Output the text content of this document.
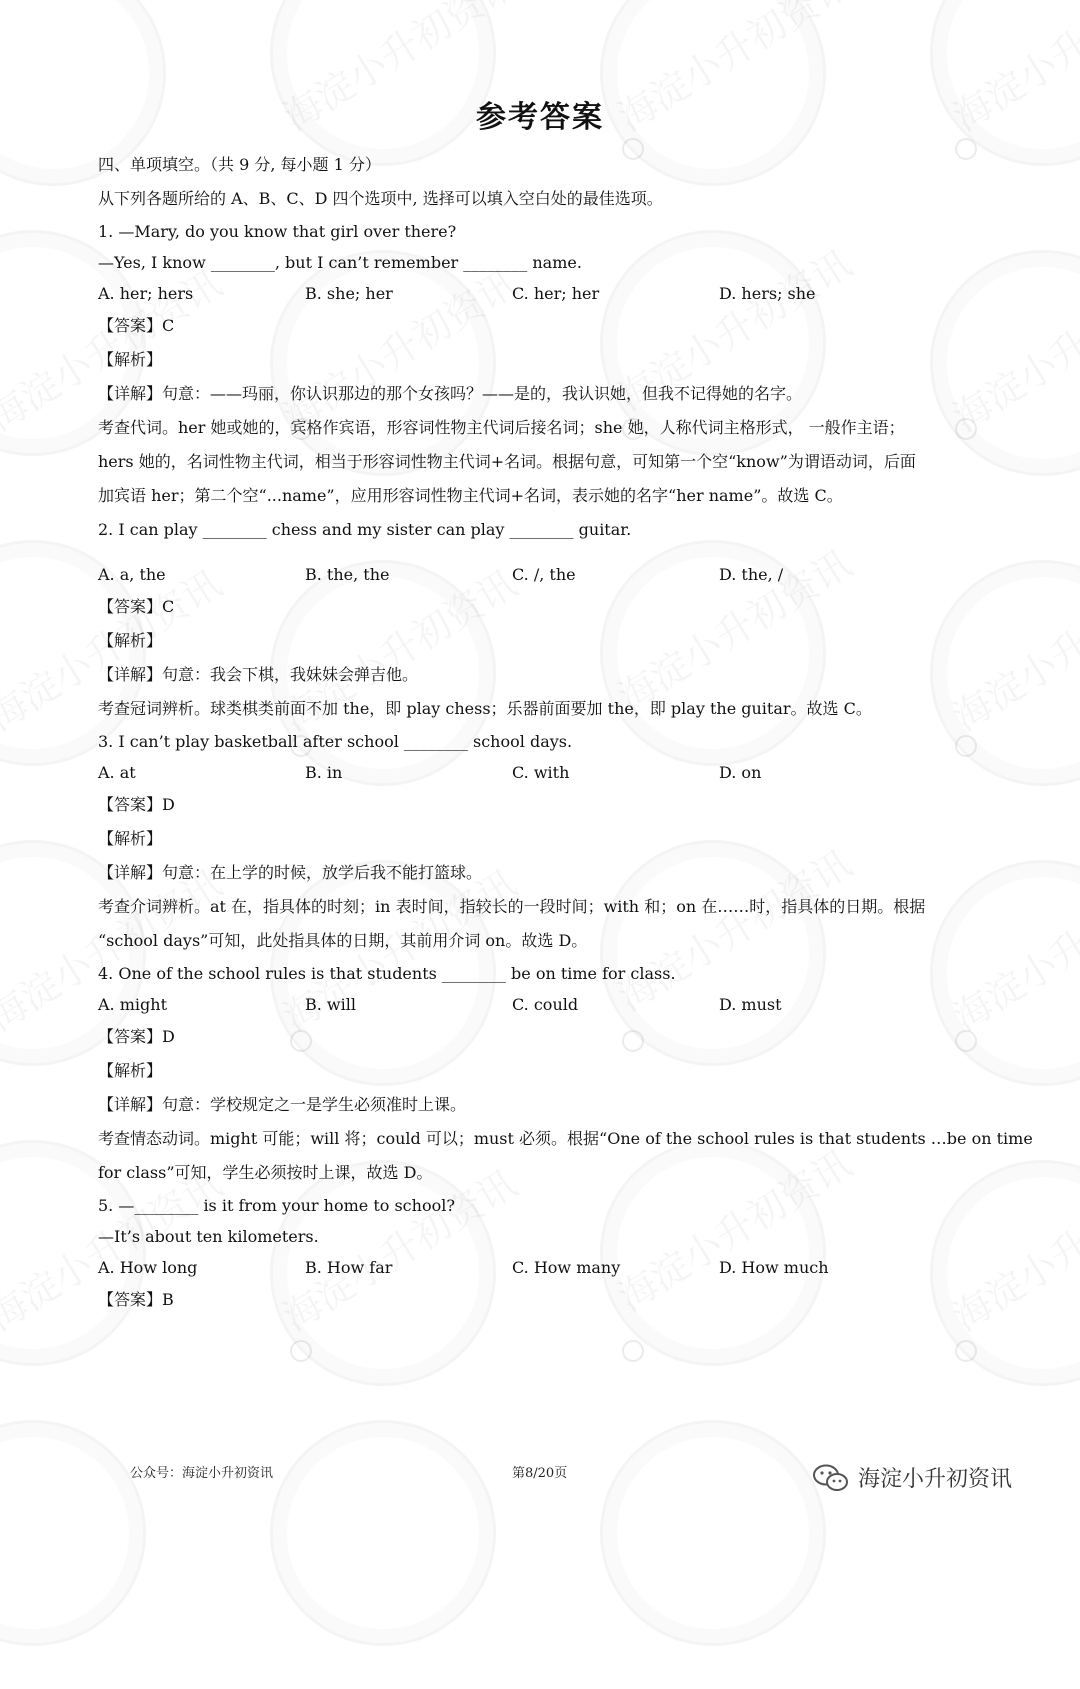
参考答案
四、单项填空。（共 9 分, 每小题 1 分）
从下列各题所给的 A、B、C、D 四个选项中, 选择可以填入空白处的最佳选项。
1. —Mary, do you know that girl over there?
—Yes, I know ________, but I can’t remember ________ name.
A. her; hers	B. she; her	C. her; her	D. hers; she
【答案】C
【解析】
【详解】句意：——玛丽，你认识那边的那个女孩吗？——是的，我认识她，但我不记得她的名字。
考查代词。her 她或她的，宾格作宾语，形容词性物主代词后接名词；she 她，人称代词主格形式， 一般作主语；
hers 她的，名词性物主代词，相当于形容词性物主代词+名词。根据句意，可知第一个空“know”为谓语动词，后面
加宾语 her；第二个空“...name”，应用形容词性物主代词+名词，表示她的名字“her name”。故选 C。
2. I can play ________ chess and my sister can play ________ guitar.
A. a, the	B. the, the	C. /, the	D. the, /
【答案】C
【解析】
【详解】句意：我会下棋，我妹妹会弹吉他。
考查冠词辨析。球类棋类前面不加 the，即 play chess；乐器前面要加 the，即 play the guitar。故选 C。
3. I can’t play basketball after school ________ school days.
A. at	B. in	C. with	D. on
【答案】D
【解析】
【详解】句意：在上学的时候，放学后我不能打篮球。
考查介词辨析。at 在，指具体的时刻；in 表时间，指较长的一段时间；with 和；on 在……时，指具体的日期。根据
“school days”可知，此处指具体的日期，其前用介词 on。故选 D。
4. One of the school rules is that students ________ be on time for class.
A. might	B. will	C. could	D. must
【答案】D
【解析】
【详解】句意：学校规定之一是学生必须准时上课。
考查情态动词。might 可能；will 将；could 可以；must 必须。根据“One of the school rules is that students …be on time
for class”可知，学生必须按时上课，故选 D。
5. —________ is it from your home to school?
—It’s about ten kilometers.
A. How long	B. How far	C. How many	D. How much
【答案】B
公众号：海淀小升初资讯	第8/20页	海淀小升初资讯
